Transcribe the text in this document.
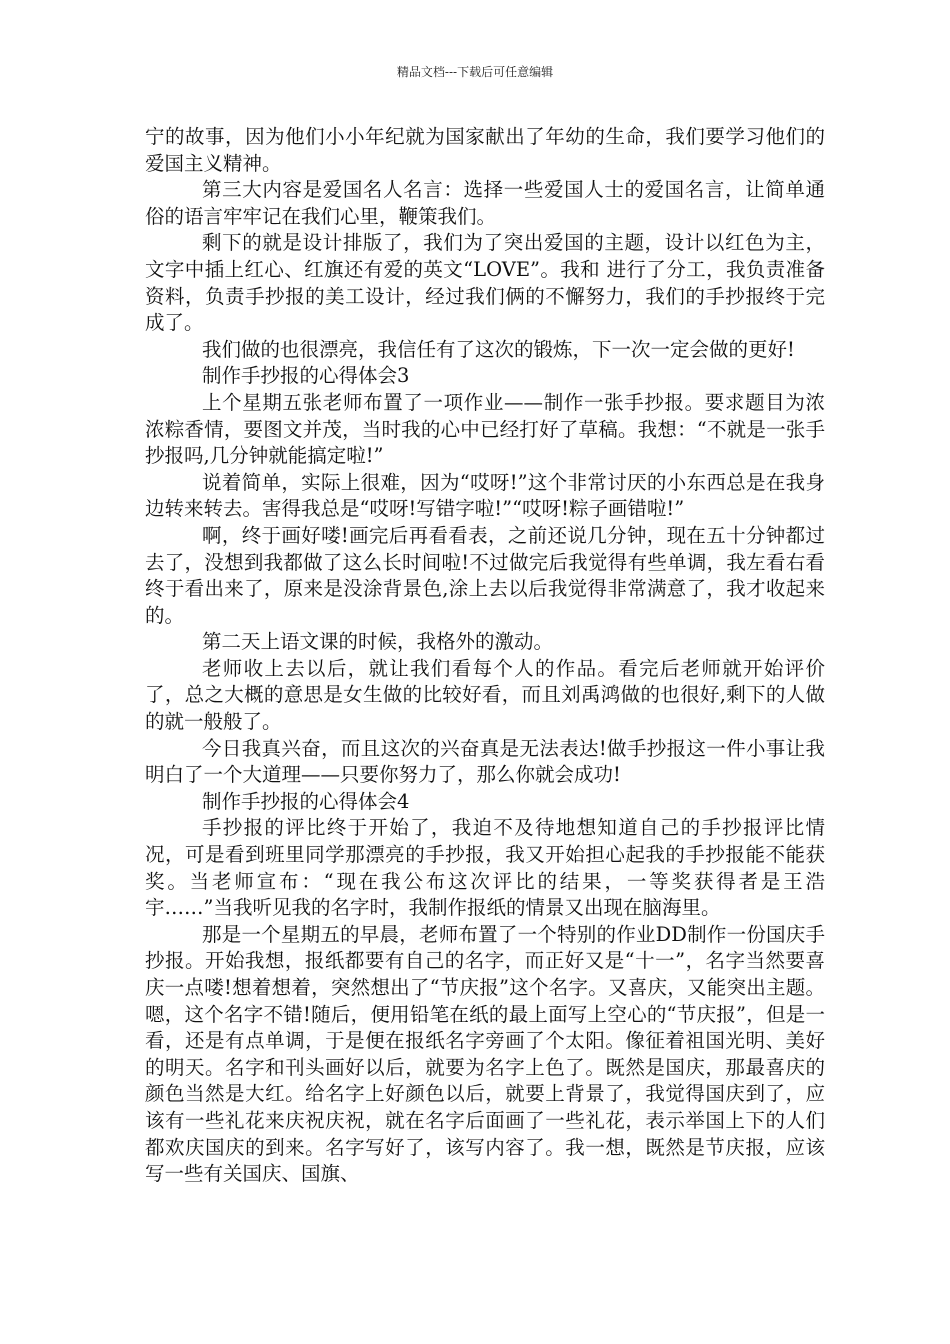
精品文档---下载后可任意编辑

宁的故事，因为他们小小年纪就为国家献出了年幼的生命，我们要学习他们的爱国主义精神。

第三大内容是爱国名人名言：选择一些爱国人士的爱国名言，让简单通俗的语言牢牢记在我们心里，鞭策我们。

剩下的就是设计排版了，我们为了突出爱国的主题，设计以红色为主，文字中插上红心、红旗还有爱的英文“LOVE”。我和 进行了分工，我负责准备资料，负责手抄报的美工设计，经过我们俩的不懈努力，我们的手抄报终于完成了。

我们做的也很漂亮，我信任有了这次的锻炼，下一次一定会做的更好!

制作手抄报的心得体会3

上个星期五张老师布置了一项作业——制作一张手抄报。要求题目为浓浓粽香情，要图文并茂，当时我的心中已经打好了草稿。我想：“不就是一张手抄报吗,几分钟就能搞定啦!”

说着简单，实际上很难，因为“哎呀!”这个非常讨厌的小东西总是在我身边转来转去。害得我总是“哎呀!写错字啦!”“哎呀!粽子画错啦!”

啊，终于画好喽!画完后再看看表，之前还说几分钟，现在五十分钟都过去了，没想到我都做了这么长时间啦!不过做完后我觉得有些单调，我左看右看终于看出来了，原来是没涂背景色,涂上去以后我觉得非常满意了，我才收起来的。

第二天上语文课的时候，我格外的激动。

老师收上去以后，就让我们看每个人的作品。看完后老师就开始评价了，总之大概的意思是女生做的比较好看，而且刘禹鸿做的也很好,剩下的人做的就一般般了。

今日我真兴奋，而且这次的兴奋真是无法表达!做手抄报这一件小事让我明白了一个大道理——只要你努力了，那么你就会成功!

制作手抄报的心得体会4

手抄报的评比终于开始了，我迫不及待地想知道自己的手抄报评比情况，可是看到班里同学那漂亮的手抄报，我又开始担心起我的手抄报能不能获奖。当老师宣布：“现在我公布这次评比的结果，一等奖获得者是王浩宇……”当我听见我的名字时，我制作报纸的情景又出现在脑海里。

那是一个星期五的早晨，老师布置了一个特别的作业DD制作一份国庆手抄报。开始我想，报纸都要有自己的名字，而正好又是“十一”，名字当然要喜庆一点喽!想着想着，突然想出了“节庆报”这个名字。又喜庆，又能突出主题。嗯，这个名字不错!随后，便用铅笔在纸的最上面写上空心的“节庆报”，但是一看，还是有点单调，于是便在报纸名字旁画了个太阳。像征着祖国光明、美好的明天。名字和刊头画好以后，就要为名字上色了。既然是国庆，那最喜庆的颜色当然是大红。给名字上好颜色以后，就要上背景了，我觉得国庆到了，应该有一些礼花来庆祝庆祝，就在名字后面画了一些礼花，表示举国上下的人们都欢庆国庆的到来。名字写好了，该写内容了。我一想，既然是节庆报，应该写一些有关国庆、国旗、
